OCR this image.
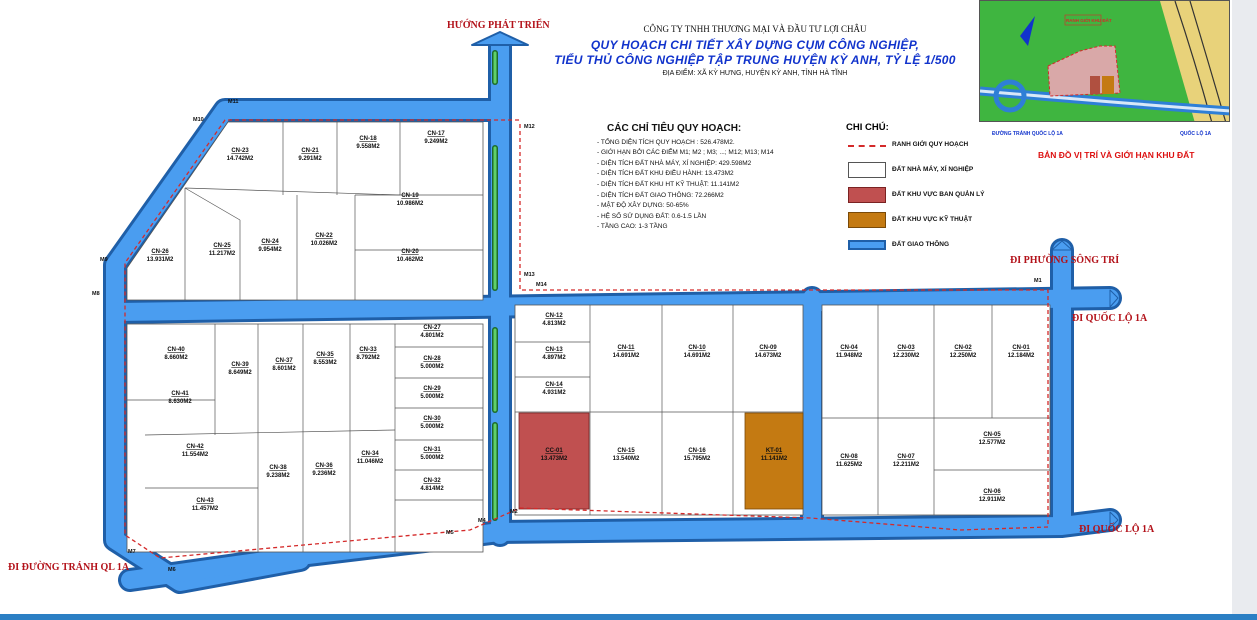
CN-23
14.742M2
CN-21
9.291M2
CN-18
9.558M2
CN-17
9.249M2
CN-19
10.986M2
CN-20
10.462M2
CN-22
10.026M2
CN-24
9.954M2
CN-25
11.217M2
CN-26
13.931M2
CN-27
4.801M2
CN-28
5.000M2
CN-29
5.000M2
CN-30
5.000M2
CN-31
5.000M2
CN-32
4.814M2
CN-33
8.792M2
CN-35
8.553M2
CN-37
8.601M2
CN-39
8.649M2
CN-40
8.660M2
CN-41
8.630M2
CN-42
11.554M2
CN-38
9.238M2
CN-36
9.236M2
CN-34
11.046M2
CN-43
11.457M2
CN-12
4.813M2
CN-13
4.897M2
CN-14
4.931M2
CN-11
14.691M2
CN-10
14.691M2
CN-09
14.673M2
CC-01
13.473M2
CN-15
13.540M2
CN-16
15.795M2
KT-01
11.141M2
CN-04
11.948M2
CN-03
12.230M2
CN-02
12.250M2
CN-01
12.184M2
CN-08
11.625M2
CN-07
12.211M2
CN-05
12.577M2
CN-06
12.911M2
M1
M2
M4
M5
M6
M7
M8
M9
M10
M11
M12
M13
M14
CÔNG TY TNHH THƯƠNG MẠI VÀ ĐẦU TƯ LỢI CHÂU
QUY HOẠCH CHI TIẾT XÂY DỰNG CỤM CÔNG NGHIỆP,
TIỂU THỦ CÔNG NGHIỆP TẬP TRUNG HUYỆN KỲ ANH, TỶ LỆ 1/500
ĐỊA ĐIỂM: XÃ KỲ HƯNG, HUYỆN KỲ ANH, TỈNH HÀ TĨNH
HƯỚNG PHÁT TRIỂN
ĐI PHƯỜNG SÔNG TRÍ
ĐI QUỐC LỘ 1A
ĐI QUỐC LỘ 1A
ĐI ĐƯỜNG TRÁNH QL 1A
CÁC CHỈ TIÊU QUY HOẠCH:
- TỔNG DIỆN TÍCH QUY HOẠCH : 526.478M2.
- GIỚI HẠN BỞI CÁC ĐIỂM M1; M2 ; M3; ...; M12; M13; M14
- DIỆN TÍCH ĐẤT NHÀ MÁY, XÍ NGHIỆP: 429.598M2
- DIỆN TÍCH ĐẤT KHU ĐIỀU HÀNH: 13.473M2
- DIỆN TÍCH ĐẤT KHU HT KỸ THUẬT: 11.141M2
- DIỆN TÍCH ĐẤT GIAO THÔNG: 72.266M2
- MẬT ĐỘ XÂY DỰNG: 50-65%
- HỆ SỐ SỬ DỤNG ĐẤT: 0.6-1.5 LẦN
- TẦNG CAO: 1-3 TẦNG
CHI CHÚ:
RANH GIỚI QUY HOẠCH
ĐẤT NHÀ MÁY, XÍ NGHIỆP
ĐẤT KHU VỰC BAN QUẢN LÝ
ĐẤT KHU VỰC KỸ THUẬT
ĐẤT GIAO THÔNG
RANH GIỚI KHU ĐẤT
ĐƯỜNG TRÁNH QUỐC LỘ 1A	QUỐC LỘ 1A
BẢN ĐỒ VỊ TRÍ VÀ GIỚI HẠN KHU ĐẤT
